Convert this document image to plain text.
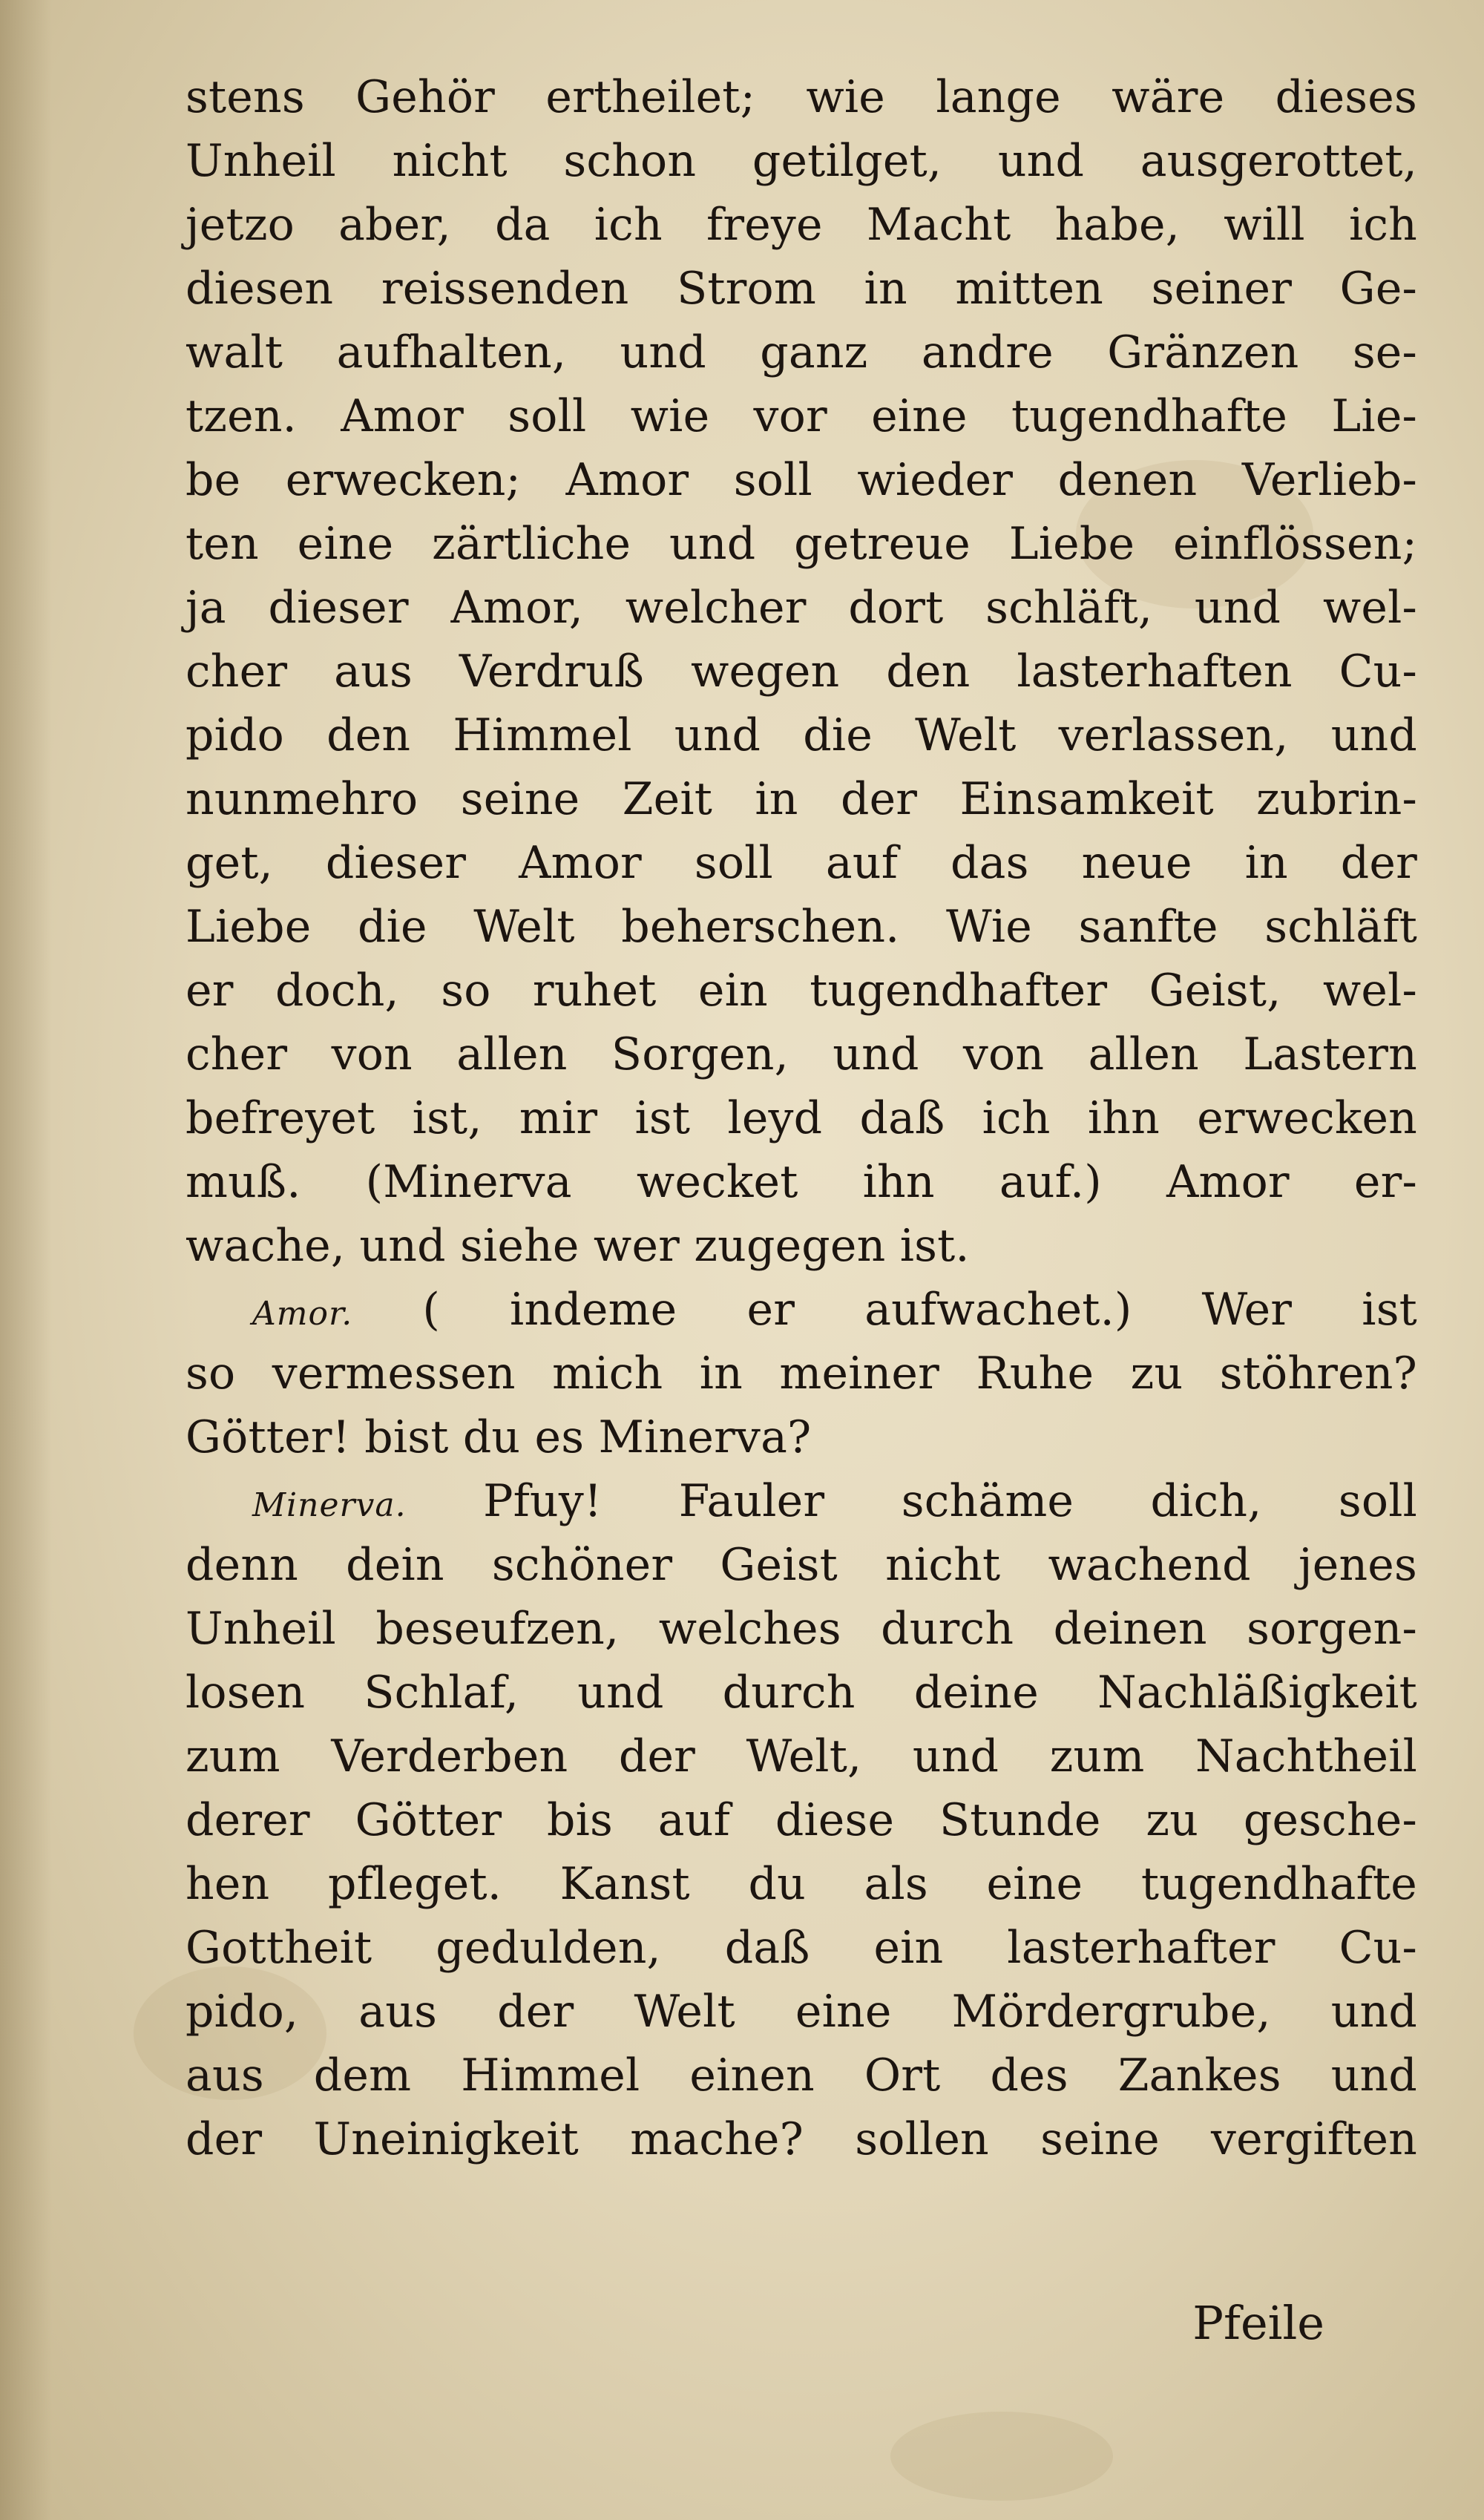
stens Gehör ertheilet; wie lange wäre dieses
Unheil nicht schon getilget, und ausgerottet,
jetzo aber, da ich freye Macht habe, will ich
diesen reissenden Strom in mitten seiner Ge-
walt aufhalten, und ganz andre Gränzen se-
tzen. Amor soll wie vor eine tugendhafte Lie-
be erwecken; Amor soll wieder denen Verlieb-
ten eine zärtliche und getreue Liebe einflössen;
ja dieser Amor, welcher dort schläft, und wel-
cher aus Verdruß wegen den lasterhaften Cu-
pido den Himmel und die Welt verlassen, und
nunmehro seine Zeit in der Einsamkeit zubrin-
get, dieser Amor soll auf das neue in der
Liebe die Welt beherschen. Wie sanfte schläft
er doch, so ruhet ein tugendhafter Geist, wel-
cher von allen Sorgen, und von allen Lastern
befreyet ist, mir ist leyd daß ich ihn erwecken
muß. (Minerva wecket ihn auf.) Amor er-
wache, und siehe wer zugegen ist.
Amor. ( indeme er aufwachet.) Wer ist
so vermessen mich in meiner Ruhe zu stöhren?
Götter! bist du es Minerva?
Minerva. Pfuy! Fauler schäme dich, soll
denn dein schöner Geist nicht wachend jenes
Unheil beseufzen, welches durch deinen sorgen-
losen Schlaf, und durch deine Nachläßigkeit
zum Verderben der Welt, und zum Nachtheil
derer Götter bis auf diese Stunde zu gesche-
hen pfleget. Kanst du als eine tugendhafte
Gottheit gedulden, daß ein lasterhafter Cu-
pido, aus der Welt eine Mördergrube, und
aus dem Himmel einen Ort des Zankes und
der Uneinigkeit mache? sollen seine vergiften
Pfeile
